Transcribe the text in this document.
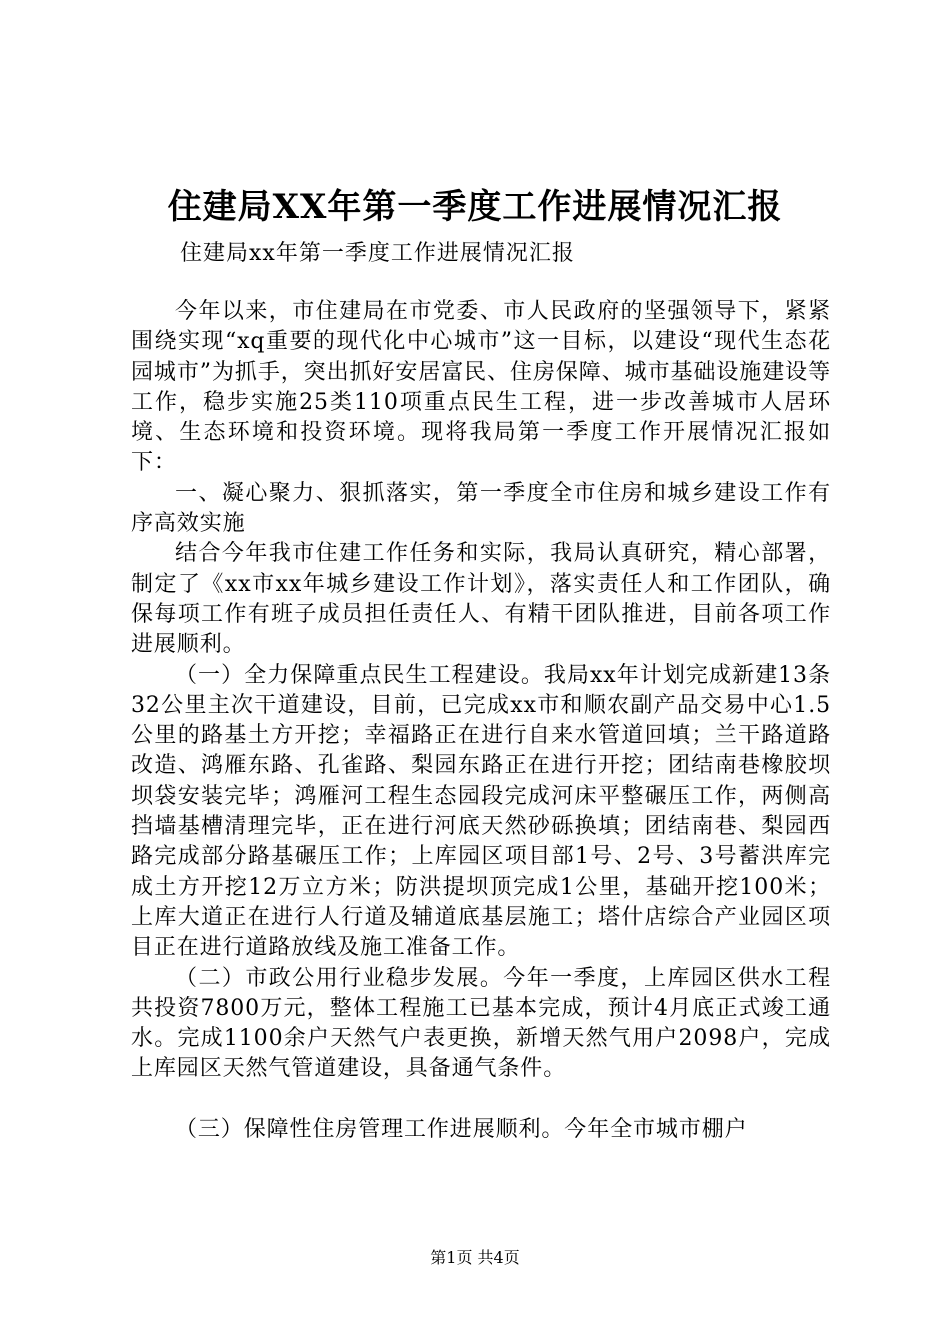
住建局XX年第一季度工作进展情况汇报
住建局xx年第一季度工作进展情况汇报

今年以来，市住建局在市党委、市人民政府的坚强领导下，紧紧围绕实现“xq重要的现代化中心城市”这一目标，以建设“现代生态花园城市”为抓手，突出抓好安居富民、住房保障、城市基础设施建设等工作，稳步实施25类110项重点民生工程，进一步改善城市人居环境、生态环境和投资环境。现将我局第一季度工作开展情况汇报如下：

一、凝心聚力、狠抓落实，第一季度全市住房和城乡建设工作有序高效实施

结合今年我市住建工作任务和实际，我局认真研究，精心部署，制定了《xx市xx年城乡建设工作计划》，落实责任人和工作团队，确保每项工作有班子成员担任责任人、有精干团队推进，目前各项工作进展顺利。

（一）全力保障重点民生工程建设。我局xx年计划完成新建13条32公里主次干道建设，目前，已完成xx市和顺农副产品交易中心1.5公里的路基土方开挖；幸福路正在进行自来水管道回填；兰干路道路改造、鸿雁东路、孔雀路、梨园东路正在进行开挖；团结南巷橡胶坝坝袋安装完毕；鸿雁河工程生态园段完成河床平整碾压工作，两侧高挡墙基槽清理完毕，正在进行河底天然砂砾换填；团结南巷、梨园西路完成部分路基碾压工作；上库园区项目部1号、2号、3号蓄洪库完成土方开挖12万立方米；防洪提坝顶完成1公里，基础开挖100米；上库大道正在进行人行道及辅道底基层施工；塔什店综合产业园区项目正在进行道路放线及施工准备工作。

（二）市政公用行业稳步发展。今年一季度，上库园区供水工程共投资7800万元，整体工程施工已基本完成，预计4月底正式竣工通水。完成1100余户天然气户表更换，新增天然气用户2098户，完成上库园区天然气管道建设，具备通气条件。

（三）保障性住房管理工作进展顺利。今年全市城市棚户

第1页 共4页
